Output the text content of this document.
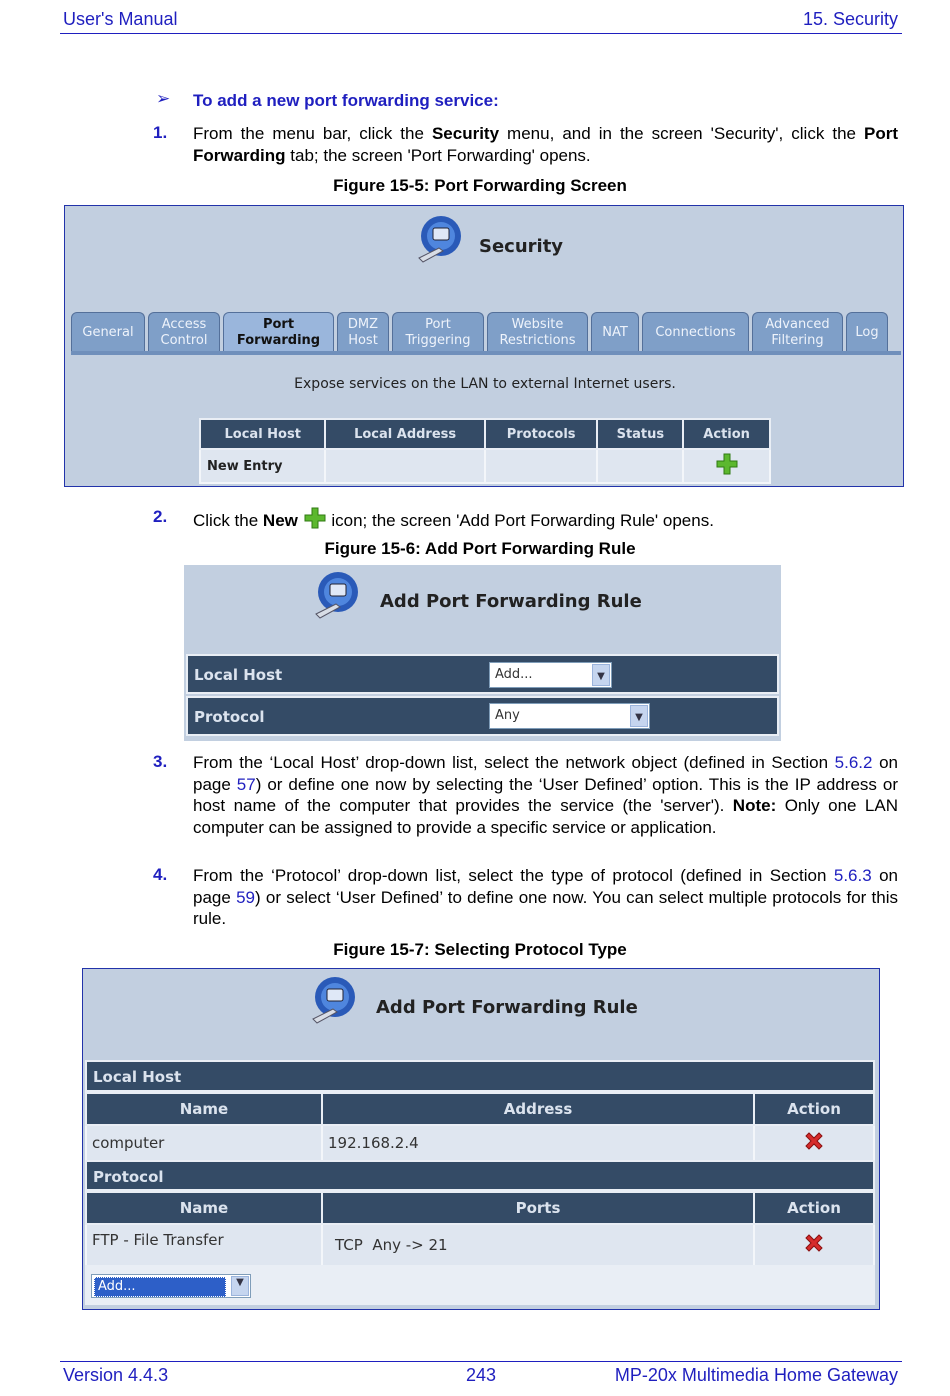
User's Manual	15. Security
➢ To add a new port forwarding service:
1. From the menu bar, click the Security menu, and in the screen 'Security', click the Port Forwarding tab; the screen 'Port Forwarding' opens.
Figure 15-5: Port Forwarding Screen
Security
General
Access Control
Port Forwarding
DMZ Host
Port Triggering
Website Restrictions
NAT	Connections
Advanced Filtering
Log
Expose services on the LAN to external Internet users.
Local Host	Local Address	Protocols	Status	Action
New Entry				
2. Click the New  icon; the screen 'Add Port Forwarding Rule' opens.
Figure 15-6: Add Port Forwarding Rule
Add Port Forwarding Rule
Local Host	Add...	▼
Protocol	Any	▼
3. From the ‘Local Host’ drop-down list, select the network object (defined in Section 5.6.2 on page 57) or define one now by selecting the ‘User Defined’ option. This is the IP address or host name of the computer that provides the service (the 'server'). Note: Only one LAN computer can be assigned to provide a specific service or application.
4. From the ‘Protocol’ drop-down list, select the type of protocol (defined in Section 5.6.3 on page 59) or select ‘User Defined’ to define one now. You can select multiple protocols for this rule.
Figure 15-7: Selecting Protocol Type
Add Port Forwarding Rule
Local Host
Name	Address	Action
computer	192.168.2.4	
Protocol
Name	Ports	Action
FTP - File Transfer	TCP  Any -> 21	
Add...	▼
Version 4.4.3	243	MP-20x Multimedia Home Gateway
